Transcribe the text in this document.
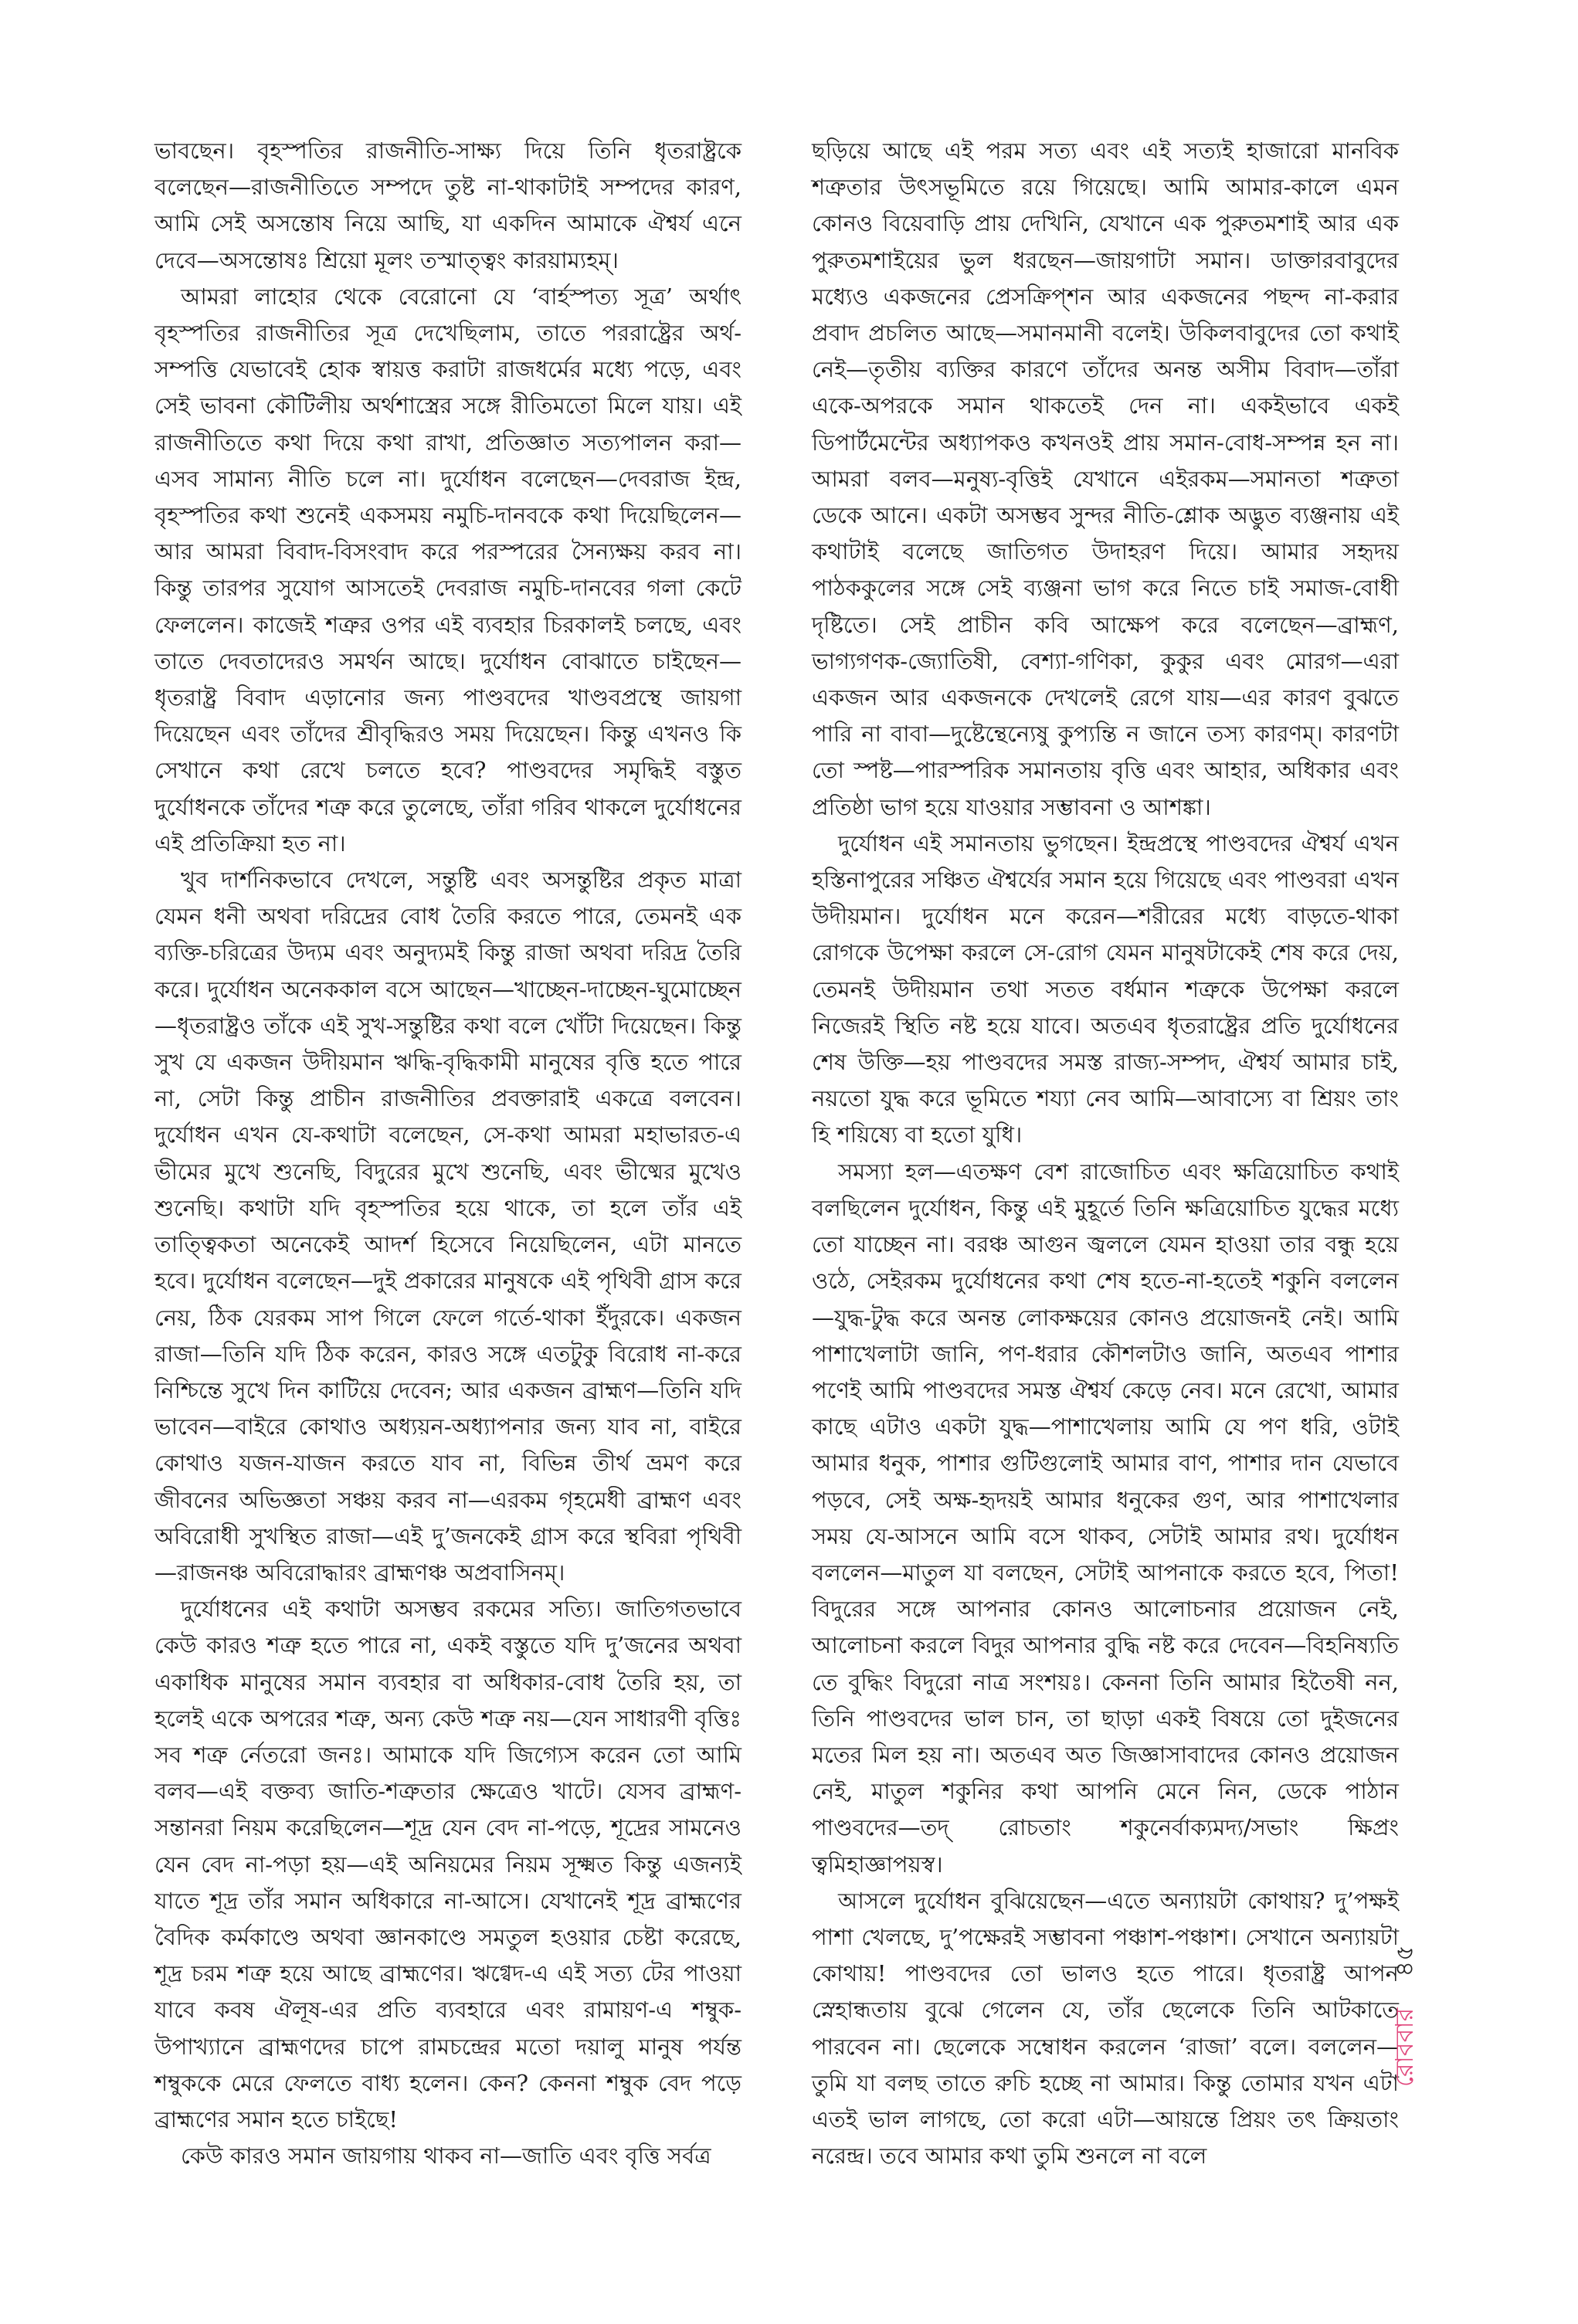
ভাবছেন। বৃহস্পতির রাজনীতি-সাক্ষ্য দিয়ে তিনি ধৃতরাষ্ট্রকে বলেছেন—রাজনীতিতে সম্পদে তুষ্ট না-থাকাটাই সম্পদের কারণ, আমি সেই অসন্তোষ নিয়ে আছি, যা একদিন আমাকে ঐশ্বর্য এনে দেবে—অসন্তোষঃ শ্রিয়ো মূলং তস্মাত্ত্বং কারয়াম্যহম্।

আমরা লাহোর থেকে বেরোনো যে ‘বার্হস্পত্য সূত্র’ অর্থাৎ বৃহস্পতির রাজনীতির সূত্র দেখেছিলাম, তাতে পররাষ্ট্রের অর্থ-সম্পত্তি যেভাবেই হোক স্বায়ত্ত করাটা রাজধর্মের মধ্যে পড়ে, এবং সেই ভাবনা কৌটিলীয় অর্থশাস্ত্রের সঙ্গে রীতিমতো মিলে যায়। এই রাজনীতিতে কথা দিয়ে কথা রাখা, প্রতিজ্ঞাত সত্যপালন করা—এসব সামান্য নীতি চলে না। দুর্যোধন বলেছেন—দেবরাজ ইন্দ্র, বৃহস্পতির কথা শুনেই একসময় নমুচি-দানবকে কথা দিয়েছিলেন—আর আমরা বিবাদ-বিসংবাদ করে পরস্পরের সৈন্যক্ষয় করব না। কিন্তু তারপর সুযোগ আসতেই দেবরাজ নমুচি-দানবের গলা কেটে ফেললেন। কাজেই শত্রুর ওপর এই ব্যবহার চিরকালই চলছে, এবং তাতে দেবতাদেরও সমর্থন আছে। দুর্যোধন বোঝাতে চাইছেন—ধৃতরাষ্ট্র বিবাদ এড়ানোর জন্য পাণ্ডবদের খাণ্ডবপ্রস্থে জায়গা দিয়েছেন এবং তাঁদের শ্রীবৃদ্ধিরও সময় দিয়েছেন। কিন্তু এখনও কি সেখানে কথা রেখে চলতে হবে? পাণ্ডবদের সমৃদ্ধিই বস্তুত দুর্যোধনকে তাঁদের শত্রু করে তুলেছে, তাঁরা গরিব থাকলে দুর্যোধনের এই প্রতিক্রিয়া হত না।

খুব দার্শনিকভাবে দেখলে, সন্তুষ্টি এবং অসন্তুষ্টির প্রকৃত মাত্রা যেমন ধনী অথবা দরিদ্রের বোধ তৈরি করতে পারে, তেমনই এক ব্যক্তি-চরিত্রের উদ্যম এবং অনুদ্যমই কিন্তু রাজা অথবা দরিদ্র তৈরি করে। দুর্যোধন অনেককাল বসে আছেন—খাচ্ছেন-দাচ্ছেন-ঘুমোচ্ছেন—ধৃতরাষ্ট্রও তাঁকে এই সুখ-সন্তুষ্টির কথা বলে খোঁটা দিয়েছেন। কিন্তু সুখ যে একজন উদীয়মান ঋদ্ধি-বৃদ্ধিকামী মানুষের বৃত্তি হতে পারে না, সেটা কিন্তু প্রাচীন রাজনীতির প্রবক্তারাই একত্রে বলবেন। দুর্যোধন এখন যে-কথাটা বলেছেন, সে-কথা আমরা মহাভারত-এ ভীমের মুখে শুনেছি, বিদুরের মুখে শুনেছি, এবং ভীষ্মের মুখেও শুনেছি। কথাটা যদি বৃহস্পতির হয়ে থাকে, তা হলে তাঁর এই তাত্ত্বিকতা অনেকেই আদর্শ হিসেবে নিয়েছিলেন, এটা মানতে হবে। দুর্যোধন বলেছেন—দুই প্রকারের মানুষকে এই পৃথিবী গ্রাস করে নেয়, ঠিক যেরকম সাপ গিলে ফেলে গর্তে-থাকা ইঁদুরকে। একজন রাজা—তিনি যদি ঠিক করেন, কারও সঙ্গে এতটুকু বিরোধ না-করে নিশ্চিন্তে সুখে দিন কাটিয়ে দেবেন; আর একজন ব্রাহ্মণ—তিনি যদি ভাবেন—বাইরে কোথাও অধ্যয়ন-অধ্যাপনার জন্য যাব না, বাইরে কোথাও যজন-যাজন করতে যাব না, বিভিন্ন তীর্থ ভ্রমণ করে জীবনের অভিজ্ঞতা সঞ্চয় করব না—এরকম গৃহমেধী ব্রাহ্মণ এবং অবিরোধী সুখস্থিত রাজা—এই দু’জনকেই গ্রাস করে স্থবিরা পৃথিবী—রাজনঞ্চ অবিরোদ্ধারং ব্রাহ্মণঞ্চ অপ্রবাসিনম্।

দুর্যোধনের এই কথাটা অসম্ভব রকমের সত্যি। জাতিগতভাবে কেউ কারও শত্রু হতে পারে না, একই বস্তুতে যদি দু’জনের অথবা একাধিক মানুষের সমান ব্যবহার বা অধিকার-বোধ তৈরি হয়, তা হলেই একে অপরের শত্রু, অন্য কেউ শত্রু নয়—যেন সাধারণী বৃত্তিঃ সব শত্রু র্নেতরো জনঃ। আমাকে যদি জিগ্যেস করেন তো আমি বলব—এই বক্তব্য জাতি-শত্রুতার ক্ষেত্রেও খাটে। যেসব ব্রাহ্মণ-সন্তানরা নিয়ম করেছিলেন—শূদ্র যেন বেদ না-পড়ে, শূদ্রের সামনেও যেন বেদ না-পড়া হয়—এই অনিয়মের নিয়ম সূক্ষ্মত কিন্তু এজন্যই যাতে শূদ্র তাঁর সমান অধিকারে না-আসে। যেখানেই শূদ্র ব্রাহ্মণের বৈদিক কর্মকাণ্ডে অথবা জ্ঞানকাণ্ডে সমতুল হওয়ার চেষ্টা করেছে, শূদ্র চরম শত্রু হয়ে আছে ব্রাহ্মণের। ঋগ্বেদ-এ এই সত্য টের পাওয়া যাবে কবষ ঐলূষ-এর প্রতি ব্যবহারে এবং রামায়ণ-এ শম্বুক-উপাখ্যানে ব্রাহ্মণদের চাপে রামচন্দ্রের মতো দয়ালু মানুষ পর্যন্ত শম্বুককে মেরে ফেলতে বাধ্য হলেন। কেন? কেননা শম্বুক বেদ পড়ে ব্রাহ্মণের সমান হতে চাইছে!

কেউ কারও সমান জায়গায় থাকব না—জাতি এবং বৃত্তি সর্বত্র

ছড়িয়ে আছে এই পরম সত্য এবং এই সত্যই হাজারো মানবিক শত্রুতার উৎসভূমিতে রয়ে গিয়েছে। আমি আমার-কালে এমন কোনও বিয়েবাড়ি প্রায় দেখিনি, যেখানে এক পুরুতমশাই আর এক পুরুতমশাইয়ের ভুল ধরছেন—জায়গাটা সমান। ডাক্তারবাবুদের মধ্যেও একজনের প্রেসক্রিপ্‌শন আর একজনের পছন্দ না-করার প্রবাদ প্রচলিত আছে—সমানমানী বলেই। উকিলবাবুদের তো কথাই নেই—তৃতীয় ব্যক্তির কারণে তাঁদের অনন্ত অসীম বিবাদ—তাঁরা একে-অপরকে সমান থাকতেই দেন না। একইভাবে একই ডিপার্টমেন্টের অধ্যাপকও কখনওই প্রায় সমান-বোধ-সম্পন্ন হন না। আমরা বলব—মনুষ্য-বৃত্তিই যেখানে এইরকম—সমানতা শত্রুতা ডেকে আনে। একটা অসম্ভব সুন্দর নীতি-শ্লোক অদ্ভুত ব্যঞ্জনায় এই কথাটাই বলেছে জাতিগত উদাহরণ দিয়ে। আমার সহৃদয় পাঠককুলের সঙ্গে সেই ব্যঞ্জনা ভাগ করে নিতে চাই সমাজ-বোধী দৃষ্টিতে। সেই প্রাচীন কবি আক্ষেপ করে বলেছেন—ব্রাহ্মণ, ভাগ্যগণক-জ্যোতিষী, বেশ্যা-গণিকা, কুকুর এবং মোরগ—এরা একজন আর একজনকে দেখলেই রেগে যায়—এর কারণ বুঝতে পারি না বাবা—দুষ্টেন্থেন্যেষু কুপ্যন্তি ন জানে তস্য কারণম্। কারণটা তো স্পষ্ট—পারস্পরিক সমানতায় বৃত্তি এবং আহার, অধিকার এবং প্রতিষ্ঠা ভাগ হয়ে যাওয়ার সম্ভাবনা ও আশঙ্কা।

দুর্যোধন এই সমানতায় ভুগছেন। ইন্দ্রপ্রস্থে পাণ্ডবদের ঐশ্বর্য এখন হস্তিনাপুরের সঞ্চিত ঐশ্বর্যের সমান হয়ে গিয়েছে এবং পাণ্ডবরা এখন উদীয়মান। দুর্যোধন মনে করেন—শরীরের মধ্যে বাড়তে-থাকা রোগকে উপেক্ষা করলে সে-রোগ যেমন মানুষটাকেই শেষ করে দেয়, তেমনই উদীয়মান তথা সতত বর্ধমান শত্রুকে উপেক্ষা করলে নিজেরই স্থিতি নষ্ট হয়ে যাবে। অতএব ধৃতরাষ্ট্রের প্রতি দুর্যোধনের শেষ উক্তি—হয় পাণ্ডবদের সমস্ত রাজ্য-সম্পদ, ঐশ্বর্য আমার চাই, নয়তো যুদ্ধ করে ভূমিতে শয্যা নেব আমি—আবাস্যে বা শ্রিয়ং তাং হি শয়িষ্যে বা হতো যুধি।

সমস্যা হল—এতক্ষণ বেশ রাজোচিত এবং ক্ষত্রিয়োচিত কথাই বলছিলেন দুর্যোধন, কিন্তু এই মুহূর্তে তিনি ক্ষত্রিয়োচিত যুদ্ধের মধ্যে তো যাচ্ছেন না। বরঞ্চ আগুন জ্বললে যেমন হাওয়া তার বন্ধু হয়ে ওঠে, সেইরকম দুর্যোধনের কথা শেষ হতে-না-হতেই শকুনি বললেন—যুদ্ধ-টুদ্ধ করে অনন্ত লোকক্ষয়ের কোনও প্রয়োজনই নেই। আমি পাশাখেলাটা জানি, পণ-ধরার কৌশলটাও জানি, অতএব পাশার পণেই আমি পাণ্ডবদের সমস্ত ঐশ্বর্য কেড়ে নেব। মনে রেখো, আমার কাছে এটাও একটা যুদ্ধ—পাশাখেলায় আমি যে পণ ধরি, ওটাই আমার ধনুক, পাশার গুটিগুলোই আমার বাণ, পাশার দান যেভাবে পড়বে, সেই অক্ষ-হৃদয়ই আমার ধনুকের গুণ, আর পাশাখেলার সময় যে-আসনে আমি বসে থাকব, সেটাই আমার রথ। দুর্যোধন বললেন—মাতুল যা বলছেন, সেটাই আপনাকে করতে হবে, পিতা! বিদুরের সঙ্গে আপনার কোনও আলোচনার প্রয়োজন নেই, আলোচনা করলে বিদুর আপনার বুদ্ধি নষ্ট করে দেবেন—বিহনিষ্যতি তে বুদ্ধিং বিদুরো নাত্র সংশয়ঃ। কেননা তিনি আমার হিতৈষী নন, তিনি পাণ্ডবদের ভাল চান, তা ছাড়া একই বিষয়ে তো দুইজনের মতের মিল হয় না। অতএব অত জিজ্ঞাসাবাদের কোনও প্রয়োজন নেই, মাতুল শকুনির কথা আপনি মেনে নিন, ডেকে পাঠান পাণ্ডবদের—তদ্‌ রোচতাং শকুনের্বাক্যমদ্য/সভাং ক্ষিপ্রং ত্বমিহাজ্ঞাপয়স্ব।

আসলে দুর্যোধন বুঝিয়েছেন—এতে অন্যায়টা কোথায়? দু’পক্ষই পাশা খেলছে, দু’পক্ষেরই সম্ভাবনা পঞ্চাশ-পঞ্চাশ। সেখানে অন্যায়টা কোথায়! পাণ্ডবদের তো ভালও হতে পারে। ধৃতরাষ্ট্র আপন স্নেহান্ধতায় বুঝে গেলেন যে, তাঁর ছেলেকে তিনি আটকাতে পারবেন না। ছেলেকে সম্বোধন করলেন ‘রাজা’ বলে। বললেন—তুমি যা বলছ তাতে রুচি হচ্ছে না আমার। কিন্তু তোমার যখন এটা এতই ভাল লাগছে, তো করো এটা—আয়ন্তে প্রিয়ং তৎ ক্রিয়তাং নরেন্দ্র। তবে আমার কথা তুমি শুনলে না বলে

রোববার
৪৫
